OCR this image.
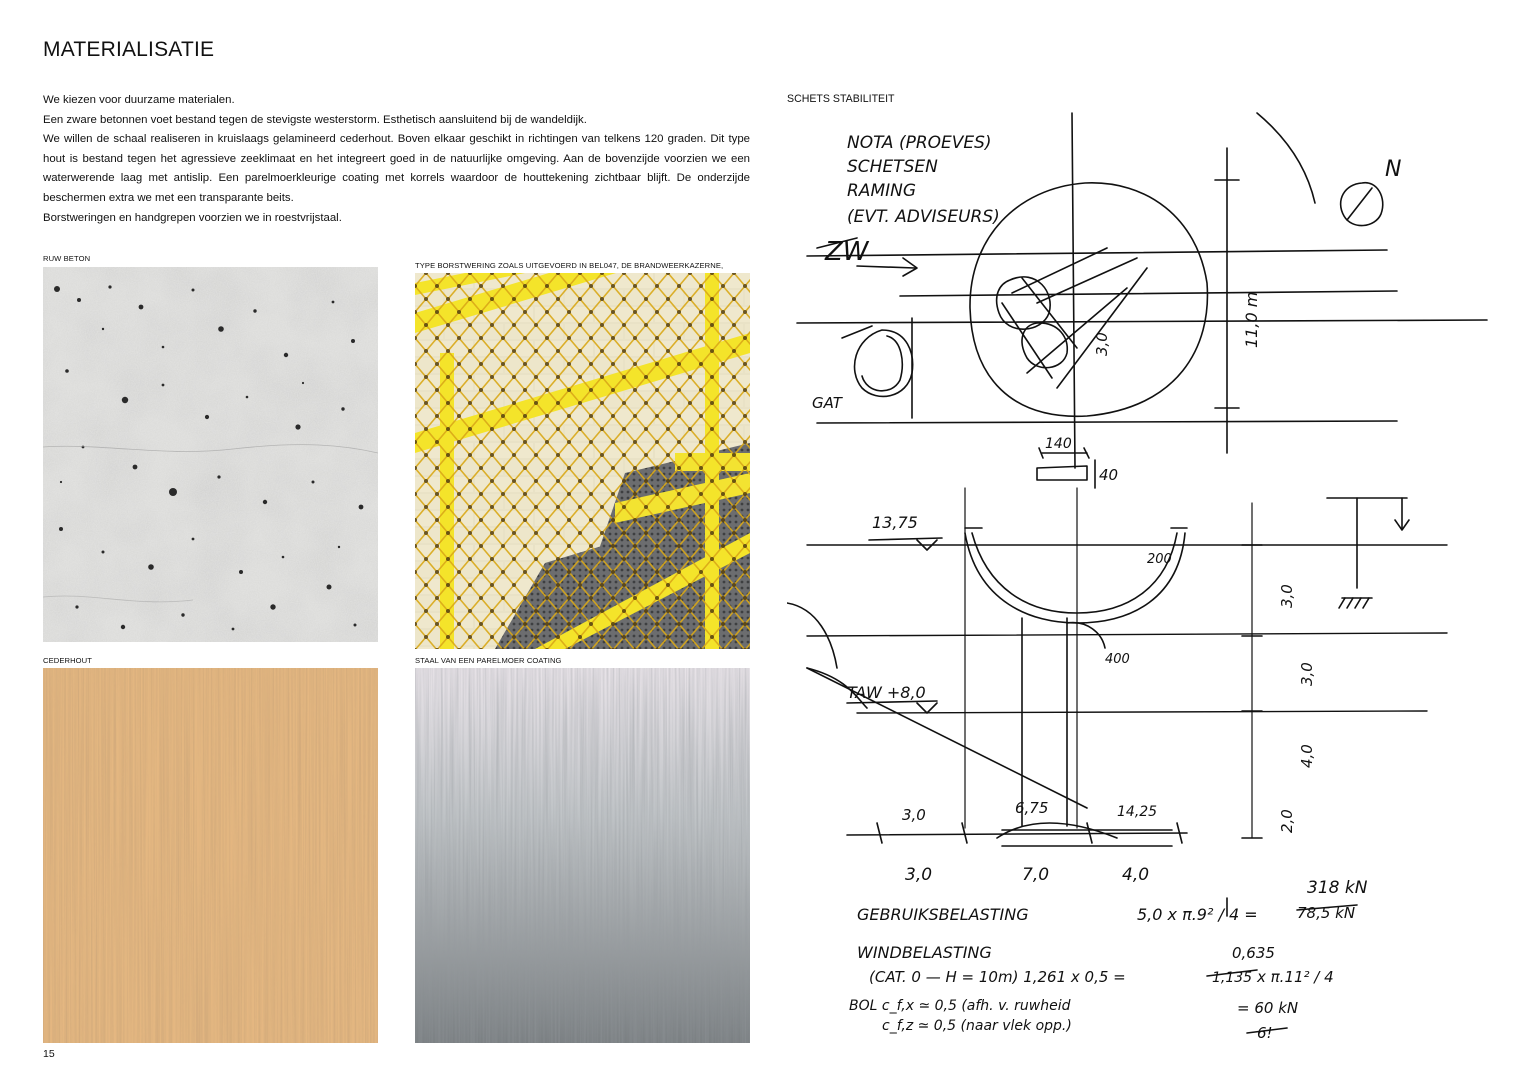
MATERIALISATIE

We kiezen voor duurzame materialen.

Een zware betonnen voet bestand tegen de stevigste westerstorm. Esthetisch aansluitend bij de wandeldijk.

We willen de schaal realiseren in kruislaags gelamineerd cederhout. Boven elkaar geschikt in richtingen van telkens 120 graden. Dit type hout is bestand tegen het agressieve zeeklimaat en het integreert goed in de natuurlijke omgeving. Aan de bovenzijde voorzien we een waterwerende laag met antislip. Een parelmoerkleurige coating met korrels waardoor de houttekening zichtbaar blijft. De onderzijde beschermen extra we met een transparante beits.

Borstweringen en handgrepen voorzien we in roestvrijstaal.

RUW BETON
TYPE BORSTWERING ZOALS UITGEVOERD IN BEL047, DE BRANDWEERKAZERNE,
CEDERHOUT	STAAL VAN EEN PARELMOER COATING
15
SCHETS STABILITEIT
NOTA (PROEVES)
SCHETSEN
RAMING
(EVT. ADVISEURS)
N
ZW
GAT
11,0 m
3,0
140
40
13,75
200
400
TAW +8,0
3,0
3,0
4,0
2,0
3,0	6,75	14,25
3,0	7,0	4,0
GEBRUIKSBELASTING	5,0 x π.9² / 4 =
318 kN
78,5 kN
WINDBELASTING
(CAT. 0 — H = 10m) 1,261 x 0,5 =	1,135
0,635
x π.11² / 4
BOL c_f,x ≃ 0,5 (afh. v. ruwheid
c_f,z ≃ 0,5 (naar vlek opp.)
= 60 kN
6!
